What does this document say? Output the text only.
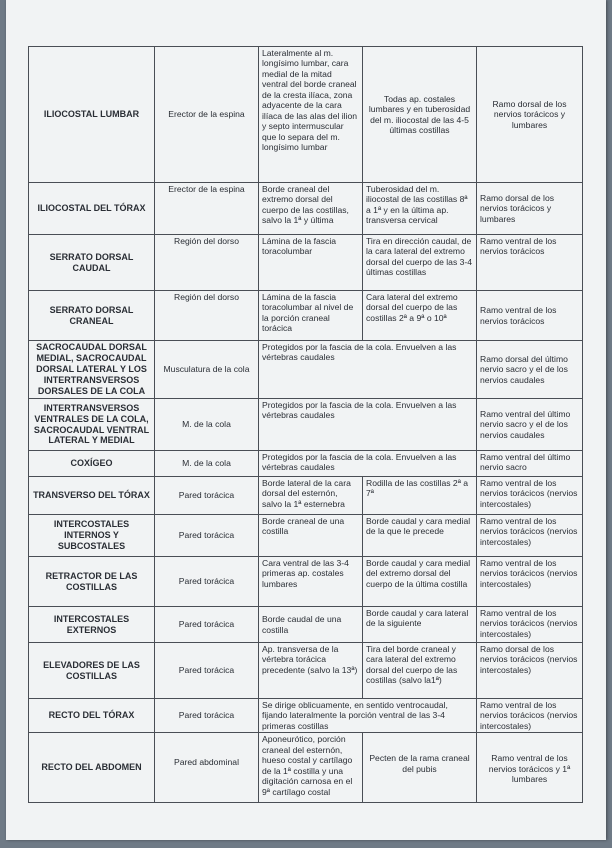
ILIOCOSTAL LUMBAR	Erector de la espina	Lateralmente al m. longísimo lumbar, cara medial de la mitad ventral del borde craneal de la cresta ilíaca, zona adyacente de la cara ilíaca de las alas del ilion y septo intermuscular que lo separa del m. longísimo lumbar	Todas ap. costales lumbares y en tuberosidad del m. iliocostal de las 4-5 últimas costillas	Ramo dorsal de los nervios torácicos y lumbares
ILIOCOSTAL DEL TÓRAX	Erector de la espina	Borde craneal del extremo dorsal del cuerpo de las costillas, salvo la 1ª y última	Tuberosidad del m. iliocostal de las costillas 8ª a 1ª y en la última ap. transversa cervical	Ramo dorsal de los nervios torácicos y lumbares
SERRATO DORSAL CAUDAL	Región del dorso	Lámina de la fascia toracolumbar	Tira en dirección caudal, de la cara lateral del extremo dorsal del cuerpo de las 3-4 últimas costillas	Ramo ventral de los nervios torácicos
SERRATO DORSAL CRANEAL	Región del dorso	Lámina de la fascia toracolumbar al nivel de la porción craneal torácica	Cara lateral del extremo dorsal del cuerpo de las costillas 2ª a 9ª o 10ª	Ramo ventral de los nervios torácicos
SACROCAUDAL DORSAL MEDIAL, SACROCAUDAL DORSAL LATERAL Y LOS INTERTRANSVERSOS DORSALES DE LA COLA	Musculatura de la cola	Protegidos por la fascia de la cola. Envuelven a las vértebras caudales		Ramo dorsal del último nervio sacro y el de los nervios caudales
INTERTRANSVERSOS VENTRALES DE LA COLA, SACROCAUDAL VENTRAL LATERAL Y MEDIAL	M. de la cola	Protegidos por la fascia de la cola. Envuelven a las vértebras caudales		Ramo ventral del último nervio sacro y el de los nervios caudales
COXÍGEO	M. de la cola	Protegidos por la fascia de la cola. Envuelven a las vértebras caudales		Ramo ventral del último nervio sacro
TRANSVERSO DEL TÓRAX	Pared torácica	Borde lateral de la cara dorsal del esternón, salvo la 1ª esternebra	Rodilla de las costillas 2ª a 7ª	Ramo ventral de los nervios torácicos (nervios intercostales)
INTERCOSTALES INTERNOS Y SUBCOSTALES	Pared torácica	Borde craneal de una costilla	Borde caudal y cara medial de la que le precede	Ramo ventral de los nervios torácicos (nervios intercostales)
RETRACTOR DE LAS COSTILLAS	Pared torácica	Cara ventral de las 3-4 primeras ap. costales lumbares	Borde caudal y cara medial del extremo dorsal del cuerpo de la última costilla	Ramo ventral de los nervios torácicos (nervios intercostales)
INTERCOSTALES EXTERNOS	Pared torácica	Borde caudal de una costilla	Borde caudal y cara lateral de la siguiente	Ramo ventral de los nervios torácicos (nervios intercostales)
ELEVADORES DE LAS COSTILLAS	Pared torácica	Ap. transversa de la vértebra torácica precedente (salvo la 13ª)	Tira del borde craneal y cara lateral del extremo dorsal del cuerpo de las costillas (salvo la1ª)	Ramo dorsal de los nervios torácicos (nervios intercostales)
RECTO DEL TÓRAX	Pared torácica	Se dirige oblicuamente, en sentido ventrocaudal, fijando lateralmente la porción ventral de las 3-4 primeras costillas		Ramo ventral de los nervios torácicos (nervios intercostales)
RECTO DEL ABDOMEN	Pared abdominal	Aponeurótico, porción craneal del esternón, hueso costal y cartílago de la 1ª costilla y una digitación carnosa en el 9ª cartílago costal	Pecten de la rama craneal del pubis	Ramo ventral de los nervios torácicos y 1ª lumbares
